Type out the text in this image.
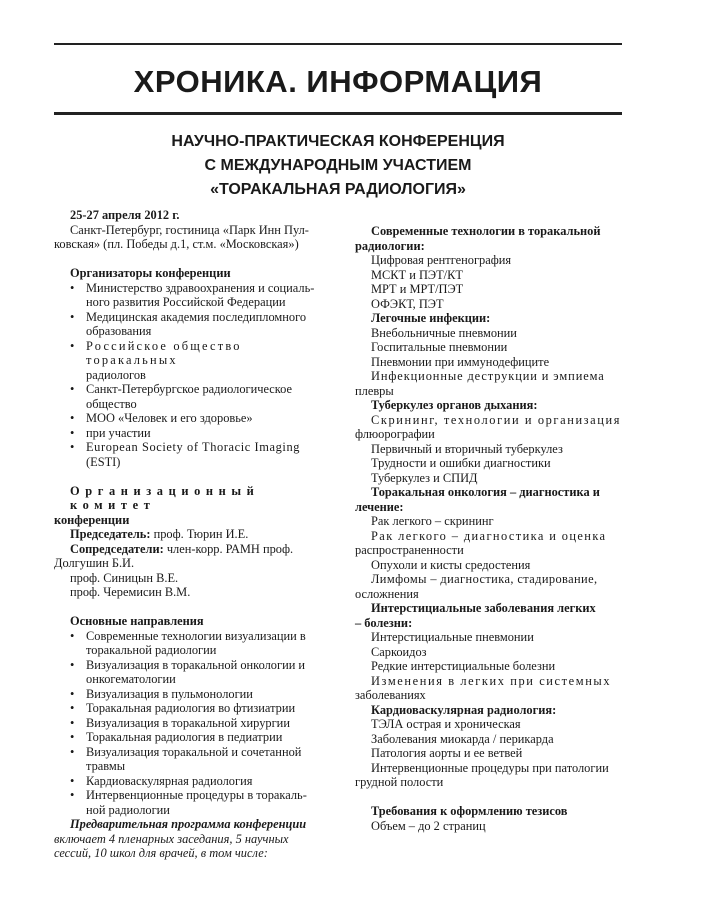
ХРОНИКА. ИНФОРМАЦИЯ
НАУЧНО-ПРАКТИЧЕСКАЯ КОНФЕРЕНЦИЯ
С МЕЖДУНАРОДНЫМ УЧАСТИЕМ
«ТОРАКАЛЬНАЯ РАДИОЛОГИЯ»
25-27 апреля 2012 г.
Санкт-Петербург, гостиница «Парк Инн Пул-
ковская» (пл. Победы д.1, ст.м. «Московская»)
Организаторы конференции
• Министерство здравоохранения и социаль-
ного развития Российской Федерации
• Медицинская академия последипломного
образования
• Российское общество торакальных
радиологов
• Санкт-Петербургское радиологическое
общество
• МОО «Человек и его здоровье»
• при участии
• European Society of Thoracic Imaging
(ESTI)
Организационный комитет
конференции
Председатель: проф. Тюрин И.Е.
Сопредседатели: член-корр. РАМН проф.
Долгушин Б.И.
проф. Синицын В.Е.
проф. Черемисин В.М.
Основные направления
• Современные технологии визуализации в
торакальной радиологии
• Визуализация в торакальной онкологии и
онкогематологии
• Визуализация в пульмонологии
• Торакальная радиология во фтизиатрии
• Визуализация в торакальной хирургии
• Торакальная радиология в педиатрии
• Визуализация торакальной и сочетанной
травмы
• Кардиоваскулярная радиология
• Интервенционные процедуры в торакаль-
ной радиологии
Предварительная программа конференции
включает 4 пленарных заседания, 5 научных
сессий, 10 школ для врачей, в том числе:
Современные технологии в торакальной
радиологии:
Цифровая рентгенография
МСКТ и ПЭТ/КТ
МРТ и МРТ/ПЭТ
ОФЭКТ, ПЭТ
Легочные инфекции:
Внебольничные пневмонии
Госпитальные пневмонии
Пневмонии при иммунодефиците
Инфекционные деструкции и эмпиема
плевры
Туберкулез органов дыхания:
Скрининг, технологии и организация
флюорографии
Первичный и вторичный туберкулез
Трудности и ошибки диагностики
Туберкулез и СПИД
Торакальная онкология – диагностика и
лечение:
Рак легкого – скрининг
Рак легкого – диагностика и оценка
распространенности
Опухоли и кисты средостения
Лимфомы – диагностика, стадирование,
осложнения
Интерстициальные заболевания легких
– болезни:
Интерстициальные пневмонии
Саркоидоз
Редкие интерстициальные болезни
Изменения в легких при системных
заболеваниях
Кардиоваскулярная радиология:
ТЭЛА острая и хроническая
Заболевания миокарда / перикарда
Патология аорты и ее ветвей
Интервенционные процедуры при патологии
грудной полости
Требования к оформлению тезисов
Объем – до 2 страниц
